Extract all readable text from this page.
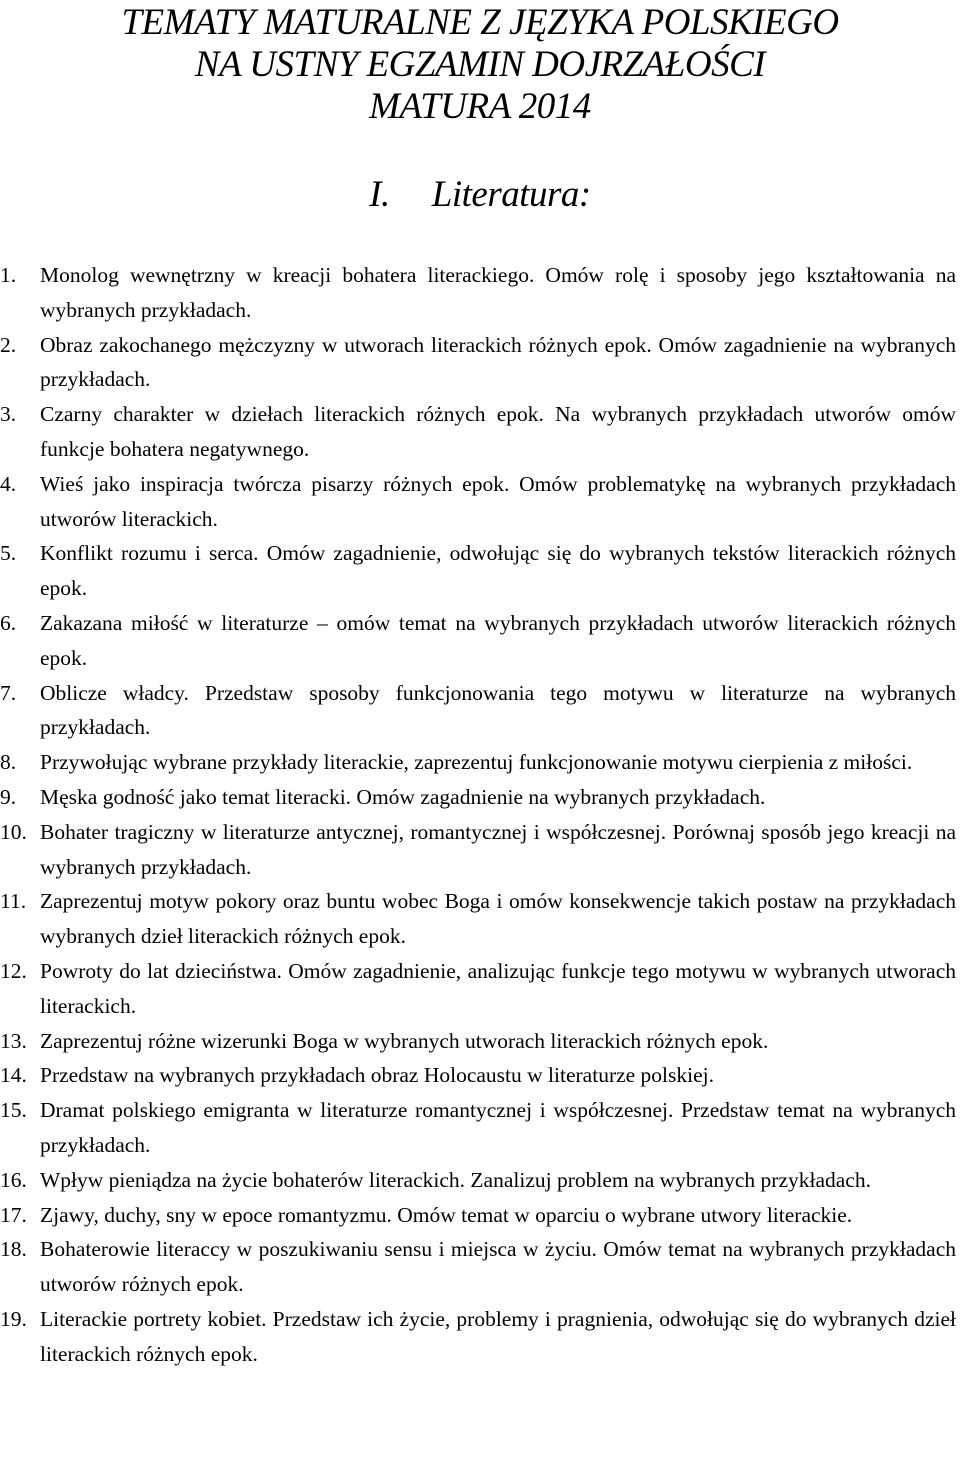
TEMATY MATURALNE Z JĘZYKA POLSKIEGO
NA USTNY EGZAMIN DOJRZAŁOŚCI
MATURA 2014
I. Literatura:
1.	Monolog wewnętrzny w kreacji bohatera literackiego. Omów rolę i sposoby jego kształtowania na wybranych przykładach.
2.	Obraz zakochanego mężczyzny w utworach literackich różnych epok. Omów zagadnienie na wybranych przykładach.
3.	Czarny charakter w dziełach literackich różnych epok. Na wybranych przykładach utworów omów funkcje bohatera negatywnego.
4.	Wieś jako inspiracja twórcza pisarzy różnych epok. Omów problematykę na wybranych przykładach utworów literackich.
5.	Konflikt rozumu i serca. Omów zagadnienie, odwołując się do wybranych tekstów literackich różnych epok.
6.	Zakazana miłość w literaturze – omów temat na wybranych przykładach utworów literackich różnych epok.
7.	Oblicze władcy. Przedstaw sposoby funkcjonowania tego motywu w literaturze na wybranych przykładach.
8.	Przywołując wybrane przykłady literackie, zaprezentuj funkcjonowanie motywu cierpienia z miłości.
9.	Męska godność jako temat literacki. Omów zagadnienie na wybranych przykładach.
10. Bohater tragiczny w literaturze antycznej, romantycznej i współczesnej. Porównaj sposób jego kreacji na wybranych przykładach.
11. Zaprezentuj motyw pokory oraz buntu wobec Boga i omów konsekwencje takich postaw na przykładach wybranych dzieł literackich różnych epok.
12. Powroty do lat dzieciństwa. Omów zagadnienie, analizując funkcje tego motywu w wybranych utworach literackich.
13. Zaprezentuj różne wizerunki Boga w wybranych utworach literackich różnych epok.
14. Przedstaw na wybranych przykładach obraz Holocaustu w literaturze polskiej.
15. Dramat polskiego emigranta w literaturze romantycznej i współczesnej. Przedstaw temat na wybranych przykładach.
16. Wpływ pieniądza na życie bohaterów literackich. Zanalizuj problem na wybranych przykładach.
17. Zjawy, duchy, sny w epoce romantyzmu. Omów temat w oparciu o wybrane utwory literackie.
18. Bohaterowie literaccy w poszukiwaniu sensu i miejsca w życiu. Omów temat na wybranych przykładach utworów różnych epok.
19. Literackie portrety kobiet. Przedstaw ich życie, problemy i pragnienia, odwołując się do wybranych dzieł literackich różnych epok.
